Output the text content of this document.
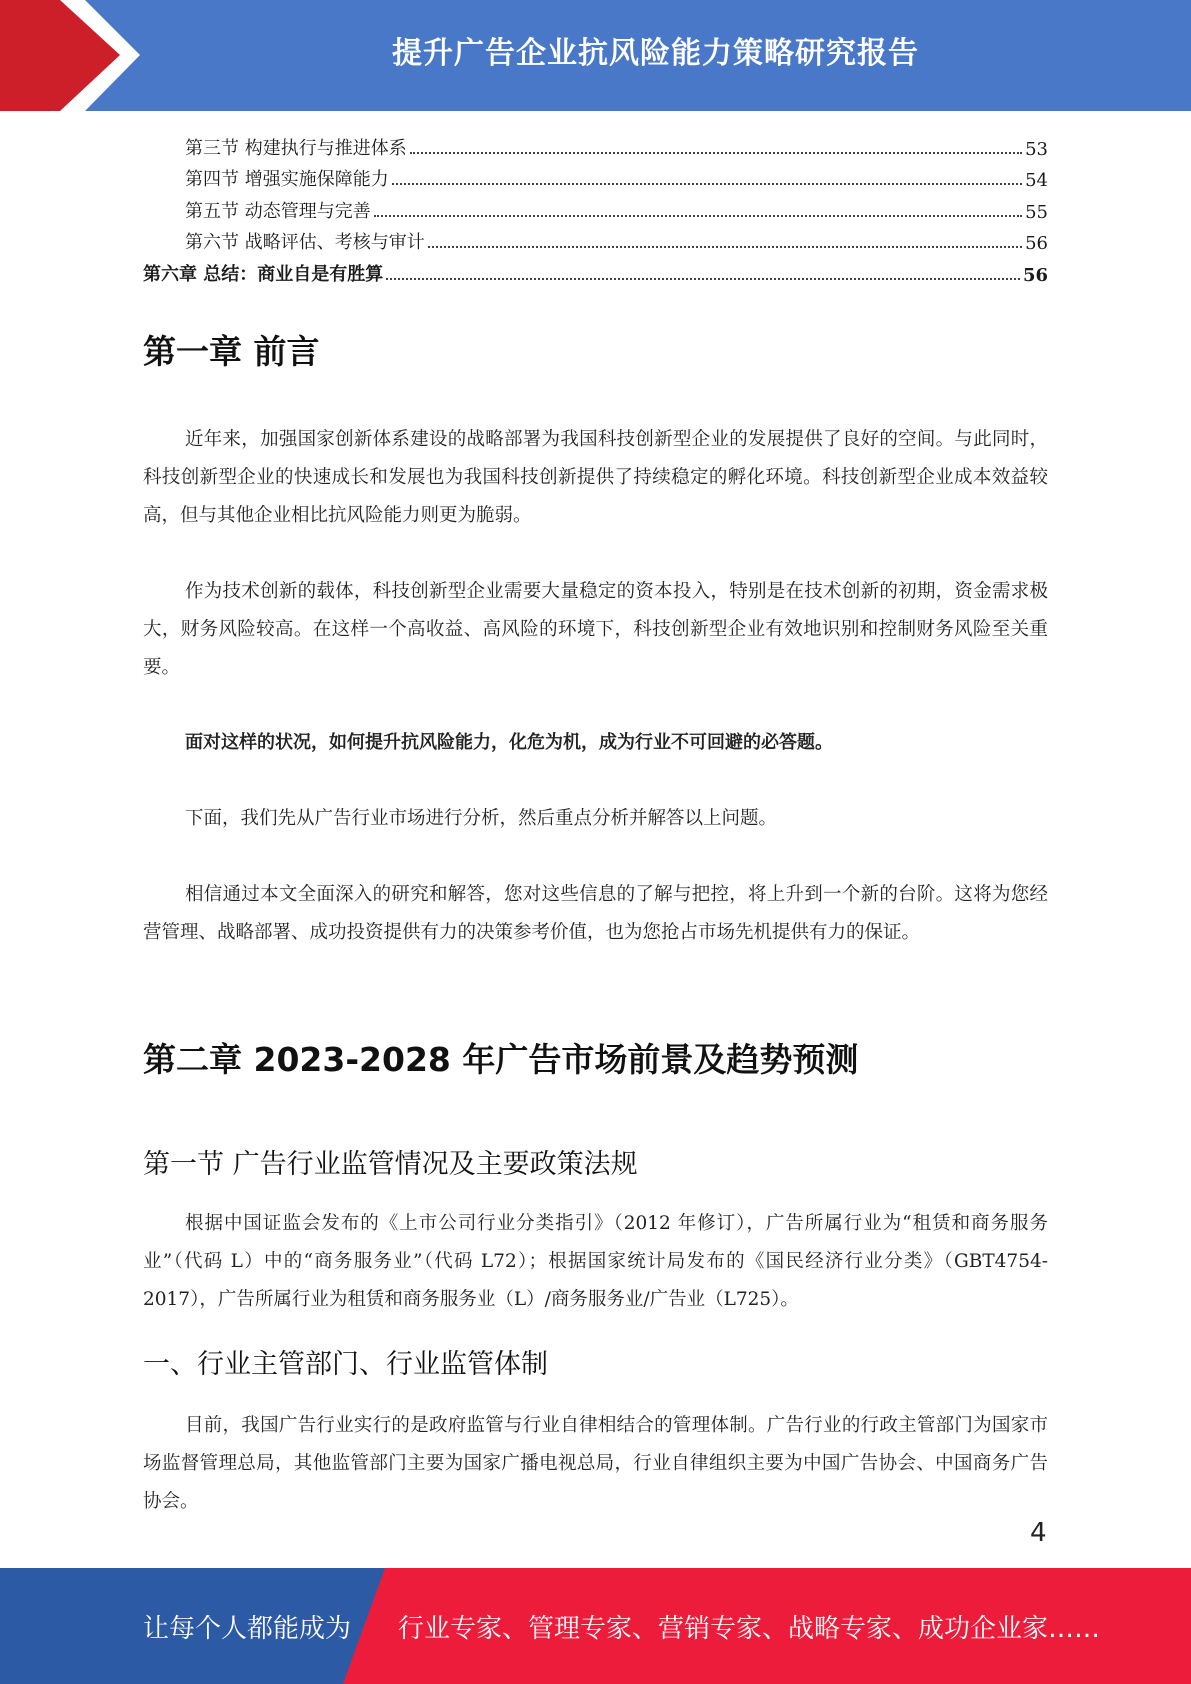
提升广告企业抗风险能力策略研究报告
第三节 构建执行与推进体系	53
第四节 增强实施保障能力	54
第五节 动态管理与完善	55
第六节 战略评估、考核与审计	56
第六章 总结：商业自是有胜算	56
第一章 前言
近年来，加强国家创新体系建设的战略部署为我国科技创新型企业的发展提供了良好的空间。与此同时，科技创新型企业的快速成长和发展也为我国科技创新提供了持续稳定的孵化环境。科技创新型企业成本效益较高，但与其他企业相比抗风险能力则更为脆弱。
作为技术创新的载体，科技创新型企业需要大量稳定的资本投入，特别是在技术创新的初期，资金需求极大，财务风险较高。在这样一个高收益、高风险的环境下，科技创新型企业有效地识别和控制财务风险至关重要。
面对这样的状况，如何提升抗风险能力，化危为机，成为行业不可回避的必答题。
下面，我们先从广告行业市场进行分析，然后重点分析并解答以上问题。
相信通过本文全面深入的研究和解答，您对这些信息的了解与把控，将上升到一个新的台阶。这将为您经营管理、战略部署、成功投资提供有力的决策参考价值，也为您抢占市场先机提供有力的保证。
第二章 2023-2028 年广告市场前景及趋势预测
第一节 广告行业监管情况及主要政策法规
根据中国证监会发布的《上市公司行业分类指引》（2012 年修订），广告所属行业为“租赁和商务服务业”（代码 L）中的“商务服务业”（代码 L72）；根据国家统计局发布的《国民经济行业分类》（GBT4754-2017），广告所属行业为租赁和商务服务业（L）/商务服务业/广告业（L725）。
一、行业主管部门、行业监管体制
目前，我国广告行业实行的是政府监管与行业自律相结合的管理体制。广告行业的行政主管部门为国家市场监督管理总局，其他监管部门主要为国家广播电视总局，行业自律组织主要为中国广告协会、中国商务广告协会。
4
让每个人都能成为 行业专家、管理专家、营销专家、战略专家、成功企业家……
